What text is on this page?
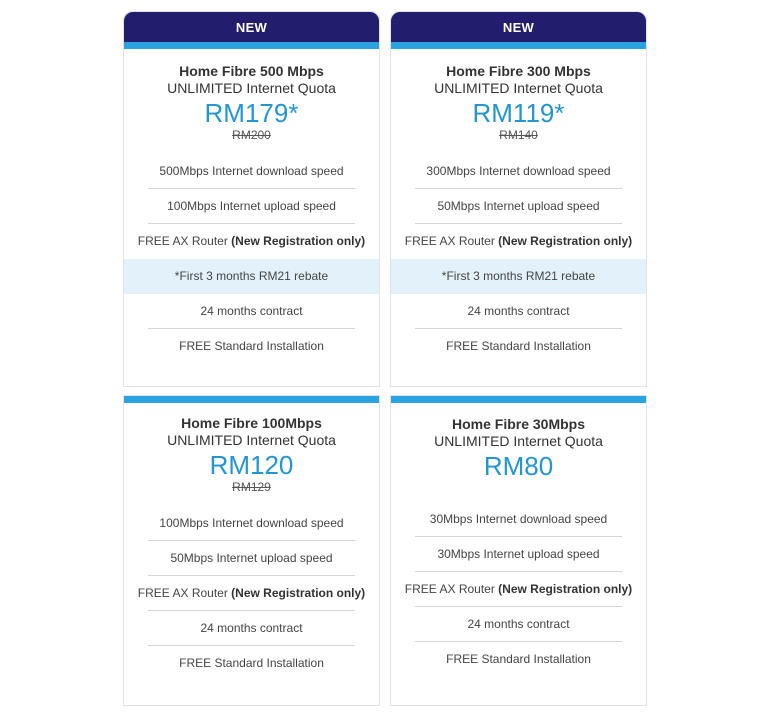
NEW
Home Fibre 500 Mbps
UNLIMITED Internet Quota
RM179*
RM200
500Mbps Internet download speed
100Mbps Internet upload speed
FREE AX Router (New Registration only)
*First 3 months RM21 rebate
24 months contract
FREE Standard Installation
NEW
Home Fibre 300 Mbps
UNLIMITED Internet Quota
RM119*
RM140
300Mbps Internet download speed
50Mbps Internet upload speed
FREE AX Router (New Registration only)
*First 3 months RM21 rebate
24 months contract
FREE Standard Installation
Home Fibre 100Mbps
UNLIMITED Internet Quota
RM120
RM129
100Mbps Internet download speed
50Mbps Internet upload speed
FREE AX Router (New Registration only)
24 months contract
FREE Standard Installation
Home Fibre 30Mbps
UNLIMITED Internet Quota
RM80
30Mbps Internet download speed
30Mbps Internet upload speed
FREE AX Router (New Registration only)
24 months contract
FREE Standard Installation
